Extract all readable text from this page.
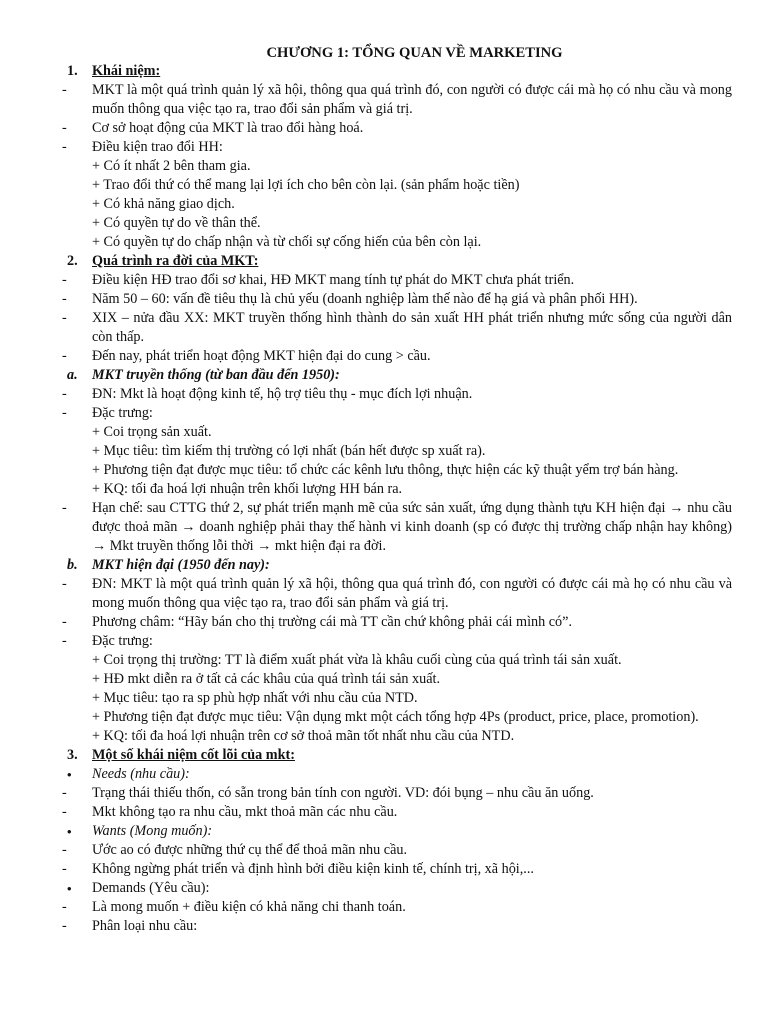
CHƯƠNG 1: TỔNG QUAN VỀ MARKETING
1.	Khái niệm:
-	MKT là một quá trình quản lý xã hội, thông qua quá trình đó, con người có được cái mà họ có nhu cầu và mong muốn thông qua việc tạo ra, trao đổi sản phẩm và giá trị.
-	Cơ sở hoạt động của MKT là trao đổi hàng hoá.
-	Điều kiện trao đổi HH:
+ Có ít nhất 2 bên tham gia.
+ Trao đổi thứ có thể mang lại lợi ích cho bên còn lại. (sản phẩm hoặc tiền)
+ Có khả năng giao dịch.
+ Có quyền tự do về thân thể.
+ Có quyền tự do chấp nhận và từ chối sự cống hiến của bên còn lại.
2.	Quá trình ra đời của MKT:
-	Điều kiện HĐ trao đổi sơ khai, HĐ MKT mang tính tự phát do MKT chưa phát triển.
-	Năm 50 – 60: vấn đề tiêu thụ là chủ yếu (doanh nghiệp làm thế nào để hạ giá và phân phối HH).
-	XIX – nửa đầu XX: MKT truyền thống hình thành do sản xuất HH phát triển nhưng mức sống của người dân còn thấp.
-	Đến nay, phát triển hoạt động MKT hiện đại do cung > cầu.
a.	MKT truyền thống (từ ban đầu đến 1950):
-	ĐN: Mkt là hoạt động kinh tế, hộ trợ tiêu thụ - mục đích lợi nhuận.
-	Đặc trưng:
+ Coi trọng sản xuất.
+ Mục tiêu: tìm kiếm thị trường có lợi nhất (bán hết được sp xuất ra).
+ Phương tiện đạt được mục tiêu: tổ chức các kênh lưu thông, thực hiện các kỹ thuật yểm trợ bán hàng.
+ KQ: tối đa hoá lợi nhuận trên khối lượng HH bán ra.
-	Hạn chế: sau CTTG thứ 2, sự phát triển mạnh mẽ của sức sản xuất, ứng dụng thành tựu KH hiện đại → nhu cầu được thoả mãn → doanh nghiệp phải thay thế hành vi kinh doanh (sp có được thị trường chấp nhận hay không) → Mkt truyền thống lỗi thời → mkt hiện đại ra đời.
b.	MKT hiện đại (1950 đến nay):
-	ĐN: MKT là một quá trình quản lý xã hội, thông qua quá trình đó, con người có được cái mà họ có nhu cầu và mong muốn thông qua việc tạo ra, trao đổi sản phẩm và giá trị.
-	Phương châm: “Hãy bán cho thị trường cái mà TT cần chứ không phải cái mình có”.
-	Đặc trưng:
+ Coi trọng thị trường: TT là điểm xuất phát vừa là khâu cuối cùng của quá trình tái sản xuất.
+ HĐ mkt diễn ra ở tất cả các khâu của quá trình tái sản xuất.
+ Mục tiêu: tạo ra sp phù hợp nhất với nhu cầu của NTD.
+ Phương tiện đạt được mục tiêu: Vận dụng mkt một cách tổng hợp 4Ps (product, price, place, promotion).
+ KQ: tối đa hoá lợi nhuận trên cơ sở thoả mãn tốt nhất nhu cầu của NTD.
3.	Một số khái niệm cốt lõi của mkt:
•	Needs (nhu cầu):
-	Trạng thái thiếu thốn, có sẵn trong bản tính con người. VD: đói bụng – nhu cầu ăn uống.
-	Mkt không tạo ra nhu cầu, mkt thoả mãn các nhu cầu.
•	Wants (Mong muốn):
-	Ước ao có được những thứ cụ thể để thoả mãn nhu cầu.
-	Không ngừng phát triển và định hình bởi điều kiện kinh tế, chính trị, xã hội,...
•	Demands (Yêu cầu):
-	Là mong muốn + điều kiện có khả năng chi thanh toán.
-	Phân loại nhu cầu:
